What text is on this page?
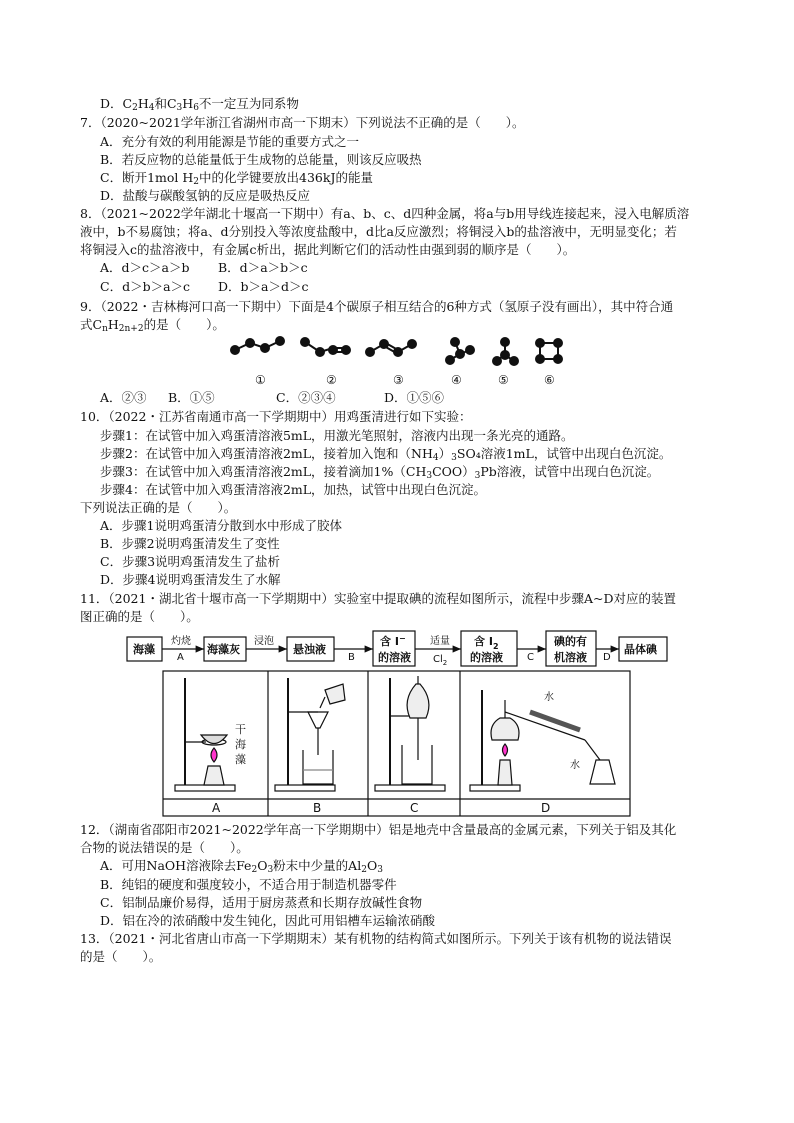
D．$C_2H_4$和$C_3H_6$不一定互为同系物
7．（2020~2021学年浙江省湖州市高一下期末）下列说法不正确的是（　　）。
A．充分有效的利用能源是节能的重要方式之一
B．若反应物的总能量低于生成物的总能量，则该反应吸热
C．断开1mol $H_2$中的化学键要放出436kJ的能量
D．盐酸与碳酸氢钠的反应是吸热反应
8．（2021~2022学年湖北十堰高一下期中）有a、b、c、d四种金属，将a与b用导线连接起来，浸入电解质溶
液中，b不易腐蚀；将a、d分别投入等浓度盐酸中，d比a反应激烈；将铜浸入b的盐溶液中，无明显变化；若
将铜浸入c的盐溶液中，有金属c析出，据此判断它们的活动性由强到弱的顺序是（　　）。
A．d＞c＞a＞b B．d＞a＞b＞c
C．d＞b＞a＞c D．b＞a＞d＞c
9．（2022・吉林梅河口高一下期中）下面是4个碳原子相互结合的6种方式（氢原子没有画出），其中符合通
式$C_nH_{2n+2}$的是（　　）。
①	②	③	④	⑤	⑥
A．②③ B．①⑤	C．②③④	D．①⑤⑥
10．（2022・江苏省南通市高一下学期期中）用鸡蛋清进行如下实验：
步骤1：在试管中加入鸡蛋清溶液5mL，用激光笔照射，溶液内出现一条光亮的通路。
步骤2：在试管中加入鸡蛋清溶液2mL，接着加入饱和$(NH_4)_3SO_4$溶液1mL，试管中出现白色沉淀。
步骤3：在试管中加入鸡蛋清溶液2mL，接着滴加$1\%(CH_3COO)_3Pb$溶液，试管中出现白色沉淀。
步骤4：在试管中加入鸡蛋清溶液2mL，加热，试管中出现白色沉淀。
下列说法正确的是（　　）。
A．步骤1说明鸡蛋清分散到水中形成了胶体
B．步骤2说明鸡蛋清发生了变性
C．步骤3说明鸡蛋清发生了盐析
D．步骤4说明鸡蛋清发生了水解
11．（2021・湖北省十堰市高一下学期期中）实验室中提取碘的流程如图所示，流程中步骤A~D对应的装置
图正确的是（　　）。
海藻	海藻灰	悬浊液
含 I−
的溶液
含 $I_2$
的溶液
碘的有
机溶液
晶体碘
灼烧
A
浸泡
B
适量
$Cl_2$	C	D
干
海
藻
水
水
A	B	C	D
12．（湖南省邵阳市2021~2022学年高一下学期期中）铝是地壳中含量最高的金属元素，下列关于铝及其化
合物的说法错误的是（　　）。
A．可用NaOH溶液除去$Fe_2O_3$粉末中少量的$Al_2O_3$
B．纯铝的硬度和强度较小，不适合用于制造机器零件
C．铝制品廉价易得，适用于厨房蒸煮和长期存放碱性食物
D．铝在冷的浓硝酸中发生钝化，因此可用铝槽车运输浓硝酸
13．（2021・河北省唐山市高一下学期期末）某有机物的结构简式如图所示。下列关于该有机物的说法错误
的是（　　）。
